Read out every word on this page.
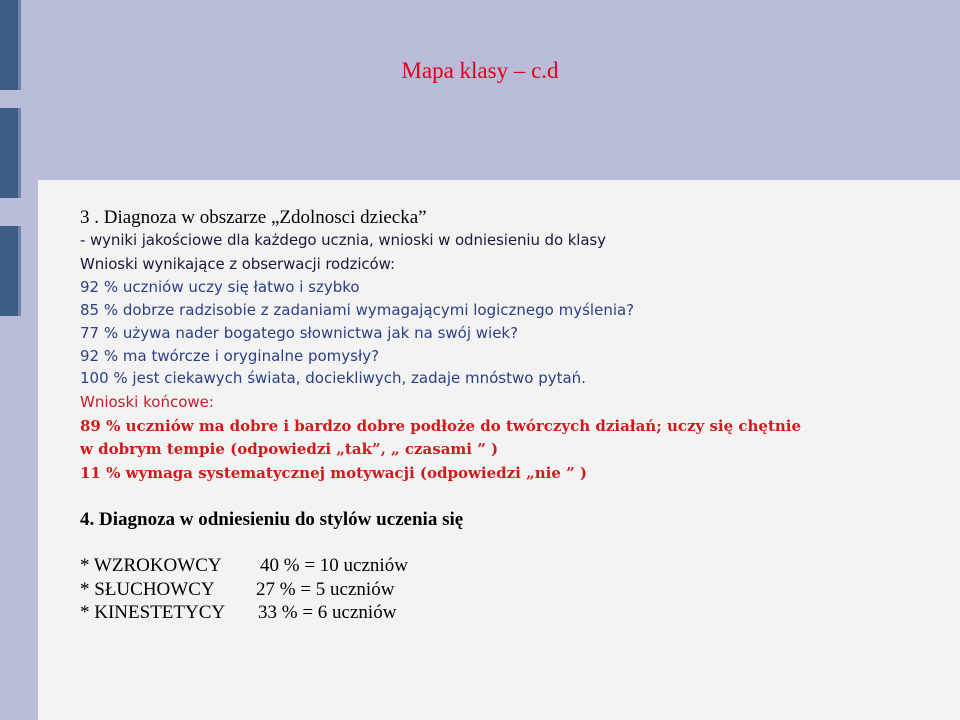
Mapa klasy – c.d
3 . Diagnoza w obszarze „Zdolnosci dziecka”
- wyniki jakościowe dla każdego ucznia, wnioski w odniesieniu do klasy
Wnioski wynikające z obserwacji rodziców:
92 % uczniów uczy się łatwo i szybko
85 % dobrze radzisobie z zadaniami wymagającymi logicznego myślenia?
77 % używa nader bogatego słownictwa jak na swój wiek?
92 % ma twórcze i oryginalne pomysły?
100 % jest ciekawych świata, dociekliwych, zadaje mnóstwo pytań.
Wnioski końcowe:
89 % uczniów ma dobre i bardzo dobre podłoże do twórczych działań; uczy się chętnie
w dobrym tempie (odpowiedzi „tak”, „ czasami ” )
11 % wymaga systematycznej motywacji (odpowiedzi „nie ” )
4. Diagnoza w odniesieniu do stylów uczenia się
* WZROKOWCY 40 % = 10 uczniów
* SŁUCHOWCY 27 % = 5 uczniów
* KINESTETYCY 33 % = 6 uczniów
